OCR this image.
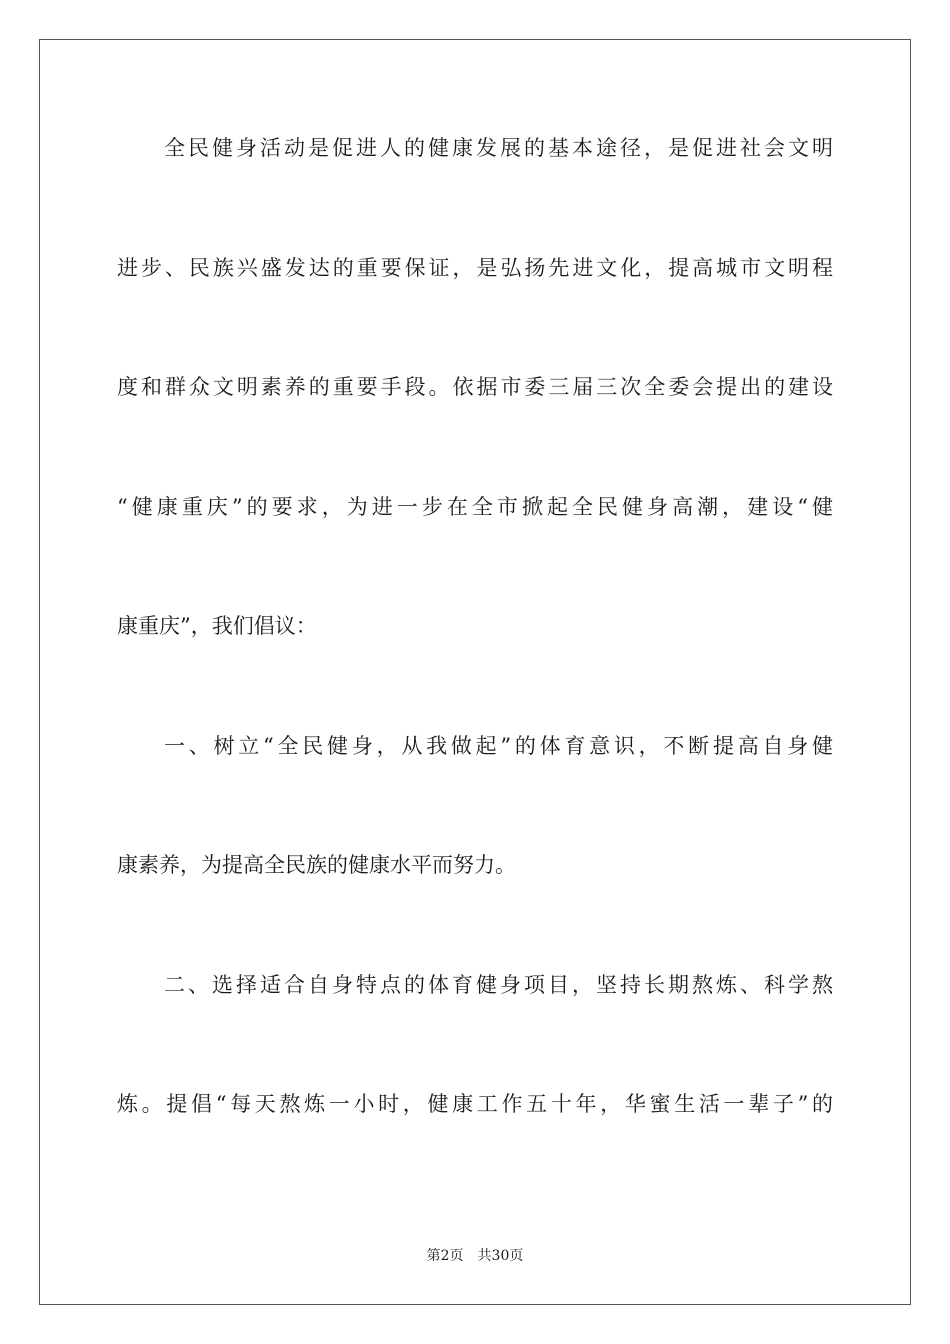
全民健身活动是促进人的健康发展的基本途径，是促进社会文明
进步、民族兴盛发达的重要保证，是弘扬先进文化，提高城市文明程
度和群众文明素养的重要手段。依据市委三届三次全委会提出的建设
“健康重庆”的要求，为进一步在全市掀起全民健身高潮，建设“健
康重庆”，我们倡议：
一、树立“全民健身，从我做起”的体育意识，不断提高自身健
康素养，为提高全民族的健康水平而努力。
二、选择适合自身特点的体育健身项目，坚持长期熬炼、科学熬
炼。提倡“每天熬炼一小时，健康工作五十年，华蜜生活一辈子”的
第2页 共30页
